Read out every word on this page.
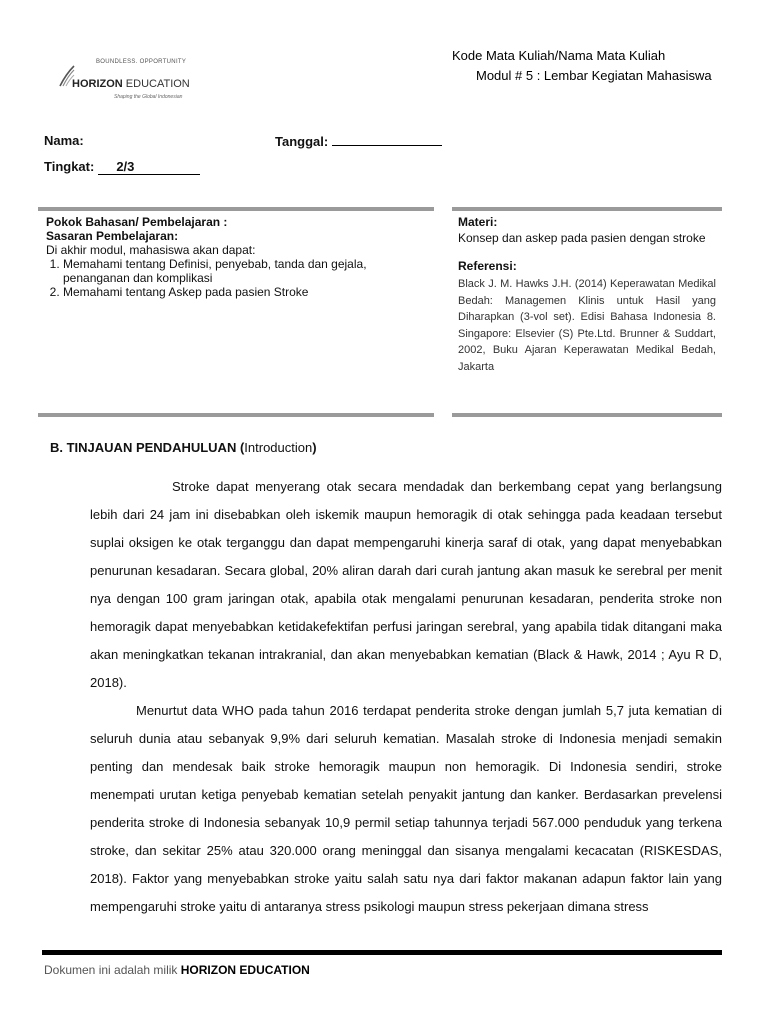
BOUNDLESS. OPPORTUNITY
HORIZON EDUCATION
Shaping the Global Indonesian
Kode Mata Kuliah/Nama Mata Kuliah
Modul # 5 : Lembar Kegiatan Mahasiswa
Nama:	Tanggal:
Tingkat: 2/3
Pokok Bahasan/ Pembelajaran :
Sasaran Pembelajaran:
Di akhir modul, mahasiswa akan dapat:
1. Memahami tentang Definisi, penyebab, tanda dan gejala, penanganan dan komplikasi
2. Memahami tentang Askep pada pasien Stroke
Materi:
Konsep dan askep pada pasien dengan stroke
Referensi:
Black J. M. Hawks J.H. (2014) Keperawatan Medikal Bedah: Managemen Klinis untuk Hasil yang Diharapkan (3-vol set). Edisi Bahasa Indonesia 8. Singapore: Elsevier (S) Pte.Ltd. Brunner & Suddart, 2002, Buku Ajaran Keperawatan Medikal Bedah, Jakarta
B. TINJAUAN PENDAHULUAN (Introduction)

Stroke dapat menyerang otak secara mendadak dan berkembang cepat yang berlangsung lebih dari 24 jam ini disebabkan oleh iskemik maupun hemoragik di otak sehingga pada keadaan tersebut suplai oksigen ke otak terganggu dan dapat mempengaruhi kinerja saraf di otak, yang dapat menyebabkan penurunan kesadaran. Secara global, 20% aliran darah dari curah jantung akan masuk ke serebral per menit nya dengan 100 gram jaringan otak, apabila otak mengalami penurunan kesadaran, penderita stroke non hemoragik dapat menyebabkan ketidakefektifan perfusi jaringan serebral, yang apabila tidak ditangani maka akan meningkatkan tekanan intrakranial, dan akan menyebabkan kematian (Black & Hawk, 2014 ; Ayu R D, 2018).

Menurtut data WHO pada tahun 2016 terdapat penderita stroke dengan jumlah 5,7 juta kematian di seluruh dunia atau sebanyak 9,9% dari seluruh kematian. Masalah stroke di Indonesia menjadi semakin penting dan mendesak baik stroke hemoragik maupun non hemoragik. Di Indonesia sendiri, stroke menempati urutan ketiga penyebab kematian setelah penyakit jantung dan kanker. Berdasarkan prevelensi penderita stroke di Indonesia sebanyak 10,9 permil setiap tahunnya terjadi 567.000 penduduk yang terkena stroke, dan sekitar 25% atau 320.000 orang meninggal dan sisanya mengalami kecacatan (RISKESDAS, 2018). Faktor yang menyebabkan stroke yaitu salah satu nya dari faktor makanan adapun faktor lain yang mempengaruhi stroke yaitu di antaranya stress psikologi maupun stress pekerjaan dimana stress

Dokumen ini adalah milik HORIZON EDUCATION
